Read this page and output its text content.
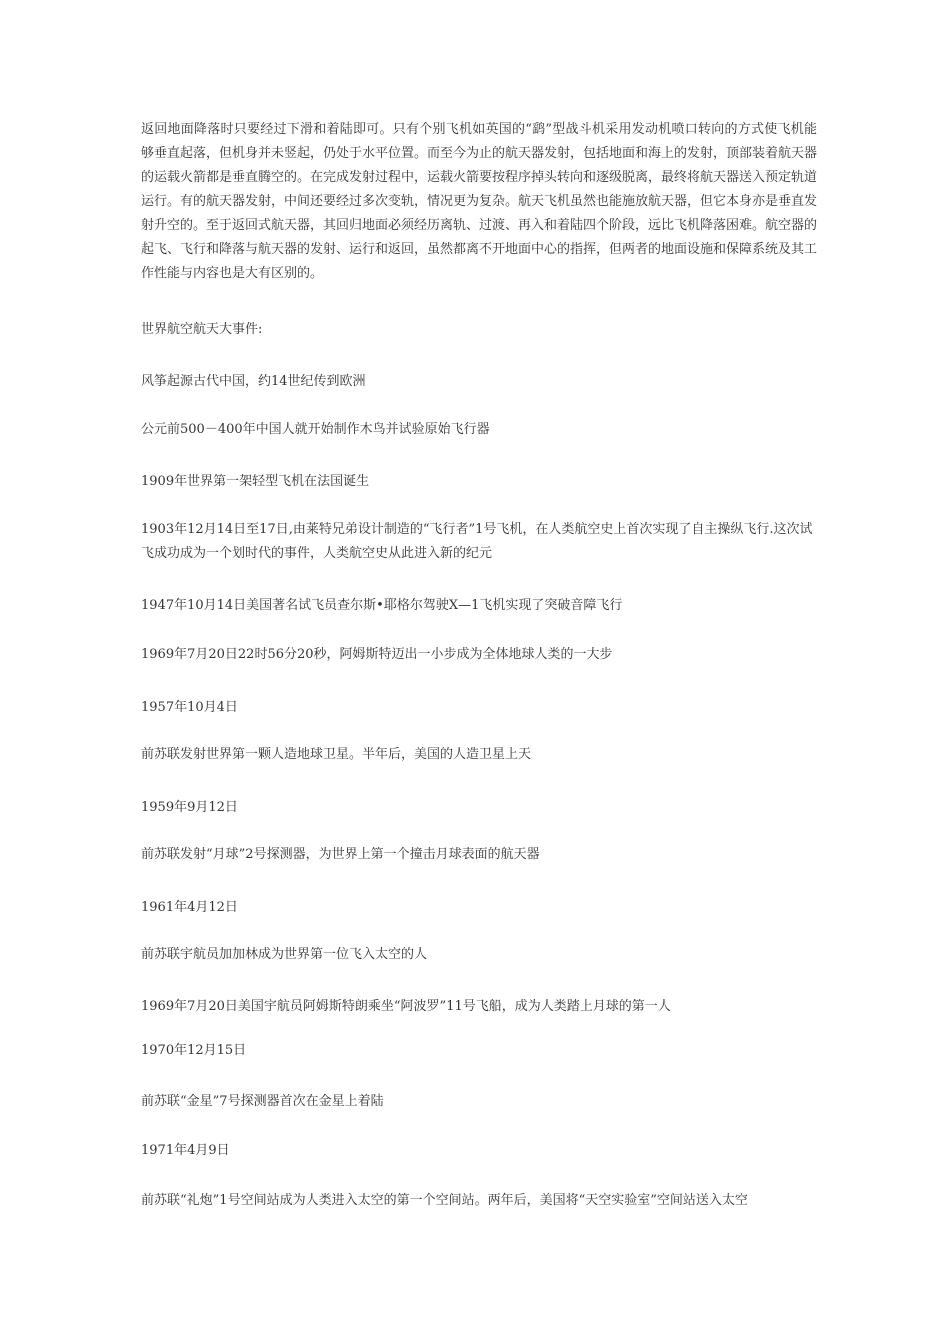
返回地面降落时只要经过下滑和着陆即可。只有个别飞机如英国的“鹞”型战斗机采用发动机喷口转向的方式使飞机能够垂直起落，但机身并未竖起，仍处于水平位置。而至今为止的航天器发射，包括地面和海上的发射，顶部装着航天器的运载火箭都是垂直腾空的。在完成发射过程中，运载火箭要按程序掉头转向和逐级脱离，最终将航天器送入预定轨道运行。有的航天器发射，中间还要经过多次变轨，情况更为复杂。航天飞机虽然也能施放航天器，但它本身亦是垂直发射升空的。至于返回式航天器，其回归地面必须经历离轨、过渡、再入和着陆四个阶段，远比飞机降落困难。航空器的起飞、飞行和降落与航天器的发射、运行和返回，虽然都离不开地面中心的指挥，但两者的地面设施和保障系统及其工作性能与内容也是大有区别的。

世界航空航天大事件:

风筝起源古代中国，约14世纪传到欧洲

公元前500－400年中国人就开始制作木鸟并试验原始飞行器

1909年世界第一架轻型飞机在法国诞生

1903年12月14日至17日,由莱特兄弟设计制造的“飞行者”1号飞机，在人类航空史上首次实现了自主操纵飞行.这次试飞成功成为一个划时代的事件，人类航空史从此进入新的纪元

1947年10月14日美国著名试飞员查尔斯•耶格尔驾驶X—1飞机实现了突破音障飞行

1969年7月20日22时56分20秒，阿姆斯特迈出一小步成为全体地球人类的一大步

1957年10月4日

前苏联发射世界第一颗人造地球卫星。半年后，美国的人造卫星上天

1959年9月12日

前苏联发射“月球”2号探测器，为世界上第一个撞击月球表面的航天器

1961年4月12日

前苏联宇航员加加林成为世界第一位飞入太空的人

1969年7月20日美国宇航员阿姆斯特朗乘坐“阿波罗”11号飞船，成为人类踏上月球的第一人

1970年12月15日

前苏联“金星”7号探测器首次在金星上着陆

1971年4月9日

前苏联“礼炮”1号空间站成为人类进入太空的第一个空间站。两年后，美国将“天空实验室”空间站送入太空
